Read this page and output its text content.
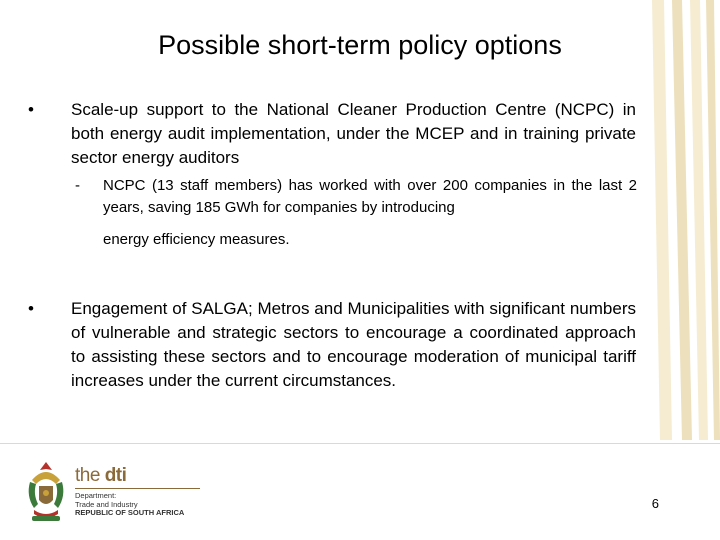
Possible short-term policy options
• Scale-up support to the National Cleaner Production Centre (NCPC) in both energy audit implementation, under the MCEP and in training private sector energy auditors
- NCPC (13 staff members) has worked with over 200 companies in the last 2 years, saving 185 GWh for companies by introducing
energy efficiency measures.
• Engagement of SALGA; Metros and Municipalities with significant numbers of vulnerable and strategic sectors to encourage a coordinated approach to assisting these sectors and to encourage moderation of municipal tariff increases under the current circumstances.
the dti
Department:
Trade and Industry
REPUBLIC OF SOUTH AFRICA
6
